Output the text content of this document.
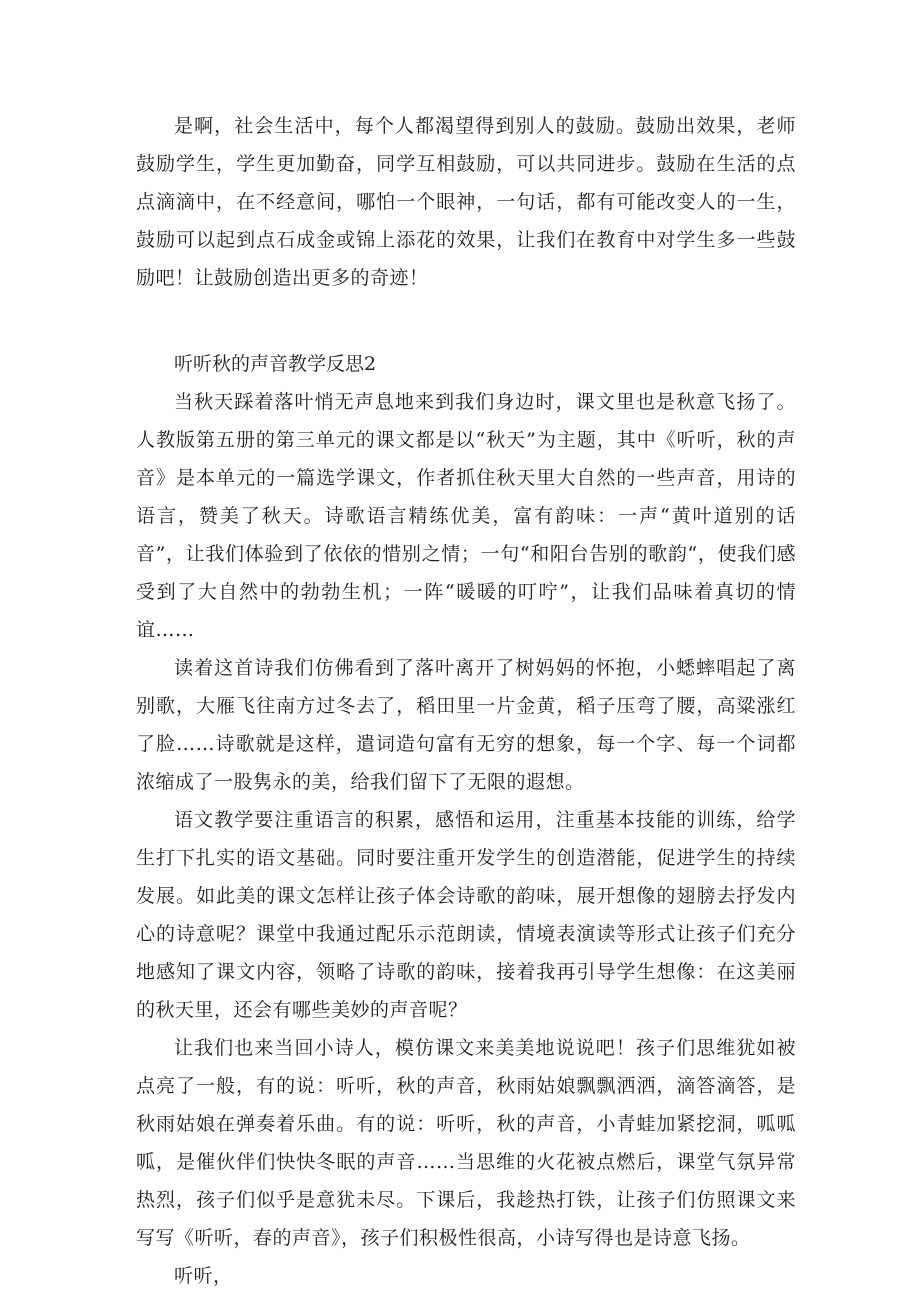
是啊，社会生活中，每个人都渴望得到别人的鼓励。鼓励出效果，老师鼓励学生，学生更加勤奋，同学互相鼓励，可以共同进步。鼓励在生活的点点滴滴中，在不经意间，哪怕一个眼神，一句话，都有可能改变人的一生，鼓励可以起到点石成金或锦上添花的效果，让我们在教育中对学生多一些鼓励吧！让鼓励创造出更多的奇迹！

听听秋的声音教学反思2

当秋天踩着落叶悄无声息地来到我们身边时，课文里也是秋意飞扬了。人教版第五册的第三单元的课文都是以“秋天”为主题，其中《听听，秋的声音》是本单元的一篇选学课文，作者抓住秋天里大自然的一些声音，用诗的语言，赞美了秋天。诗歌语言精练优美，富有韵味：一声“黄叶道别的话音”，让我们体验到了依依的惜别之情；一句“和阳台告别的歌韵“，使我们感受到了大自然中的勃勃生机；一阵“暖暖的叮咛”，让我们品味着真切的情谊……

读着这首诗我们仿佛看到了落叶离开了树妈妈的怀抱，小蟋蟀唱起了离别歌，大雁飞往南方过冬去了，稻田里一片金黄，稻子压弯了腰，高粱涨红了脸……诗歌就是这样，遣词造句富有无穷的想象，每一个字、每一个词都浓缩成了一股隽永的美，给我们留下了无限的遐想。

语文教学要注重语言的积累，感悟和运用，注重基本技能的训练，给学生打下扎实的语文基础。同时要注重开发学生的创造潜能，促进学生的持续发展。如此美的课文怎样让孩子体会诗歌的韵味，展开想像的翅膀去抒发内心的诗意呢？课堂中我通过配乐示范朗读，情境表演读等形式让孩子们充分地感知了课文内容，领略了诗歌的韵味，接着我再引导学生想像：在这美丽的秋天里，还会有哪些美妙的声音呢？

让我们也来当回小诗人，模仿课文来美美地说说吧！孩子们思维犹如被点亮了一般，有的说：听听，秋的声音，秋雨姑娘飘飘洒洒，滴答滴答，是秋雨姑娘在弹奏着乐曲。有的说：听听，秋的声音，小青蛙加紧挖洞，呱呱呱，是催伙伴们快快冬眠的声音……当思维的火花被点燃后，课堂气氛异常热烈，孩子们似乎是意犹未尽。下课后，我趁热打铁，让孩子们仿照课文来写写《听听，春的声音》，孩子们积极性很高，小诗写得也是诗意飞扬。

听听，
